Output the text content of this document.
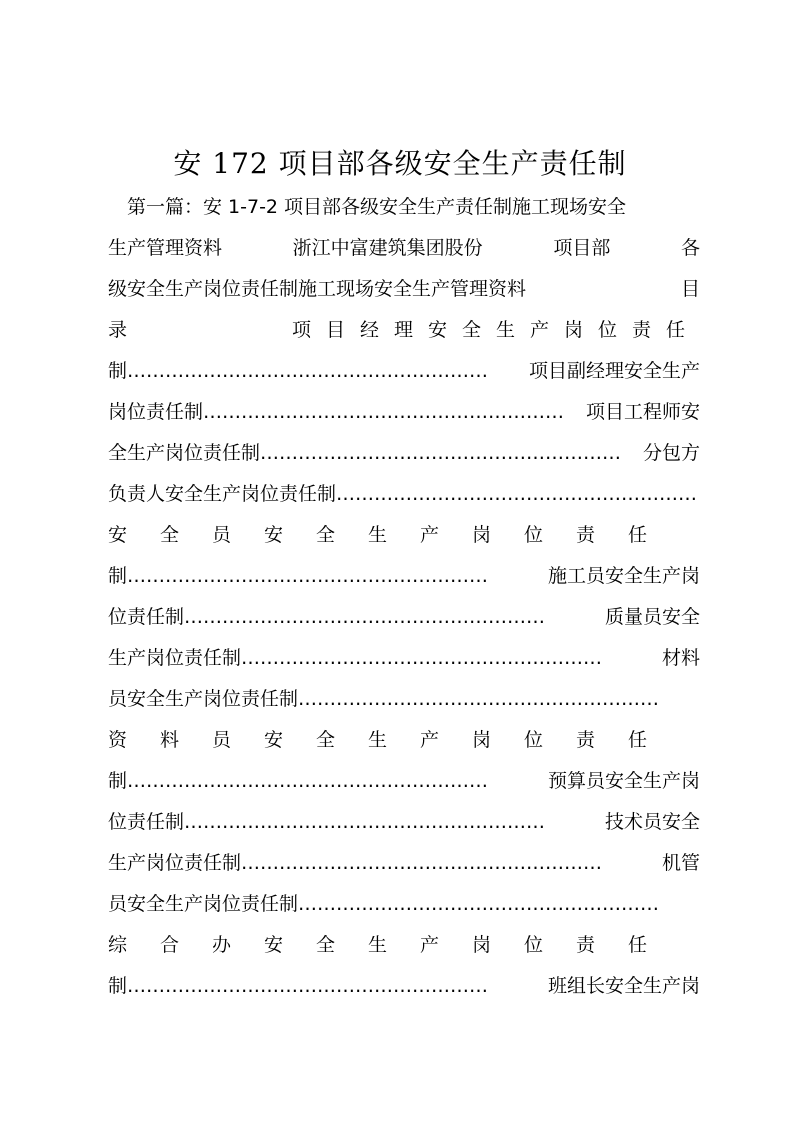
安 172 项目部各级安全生产责任制
　第一篇：安 1-7-2 项目部各级安全生产责任制施工现场安全
生产管理资料	浙江中富建筑集团股份	项目部	各
级安全生产岗位责任制施工现场安全生产管理资料	目
录	项目经理安全生产岗位责任
制………………………………………………… 项目副经理安全生产
岗位责任制………………………………………………… 项目工程师安
全生产岗位责任制………………………………………………… 分包方
负责人安全生产岗位责任制…………………………………………………
安全员安全生产岗位责任
制…………………………………………………	施工员安全生产岗
位责任制…………………………………………………	质量员安全
生产岗位责任制…………………………………………………	材料
员安全生产岗位责任制…………………………………………………
资料员安全生产岗位责任
制…………………………………………………	预算员安全生产岗
位责任制…………………………………………………	技术员安全
生产岗位责任制…………………………………………………	机管
员安全生产岗位责任制…………………………………………………
综合办安全生产岗位责任
制…………………………………………………	班组长安全生产岗
